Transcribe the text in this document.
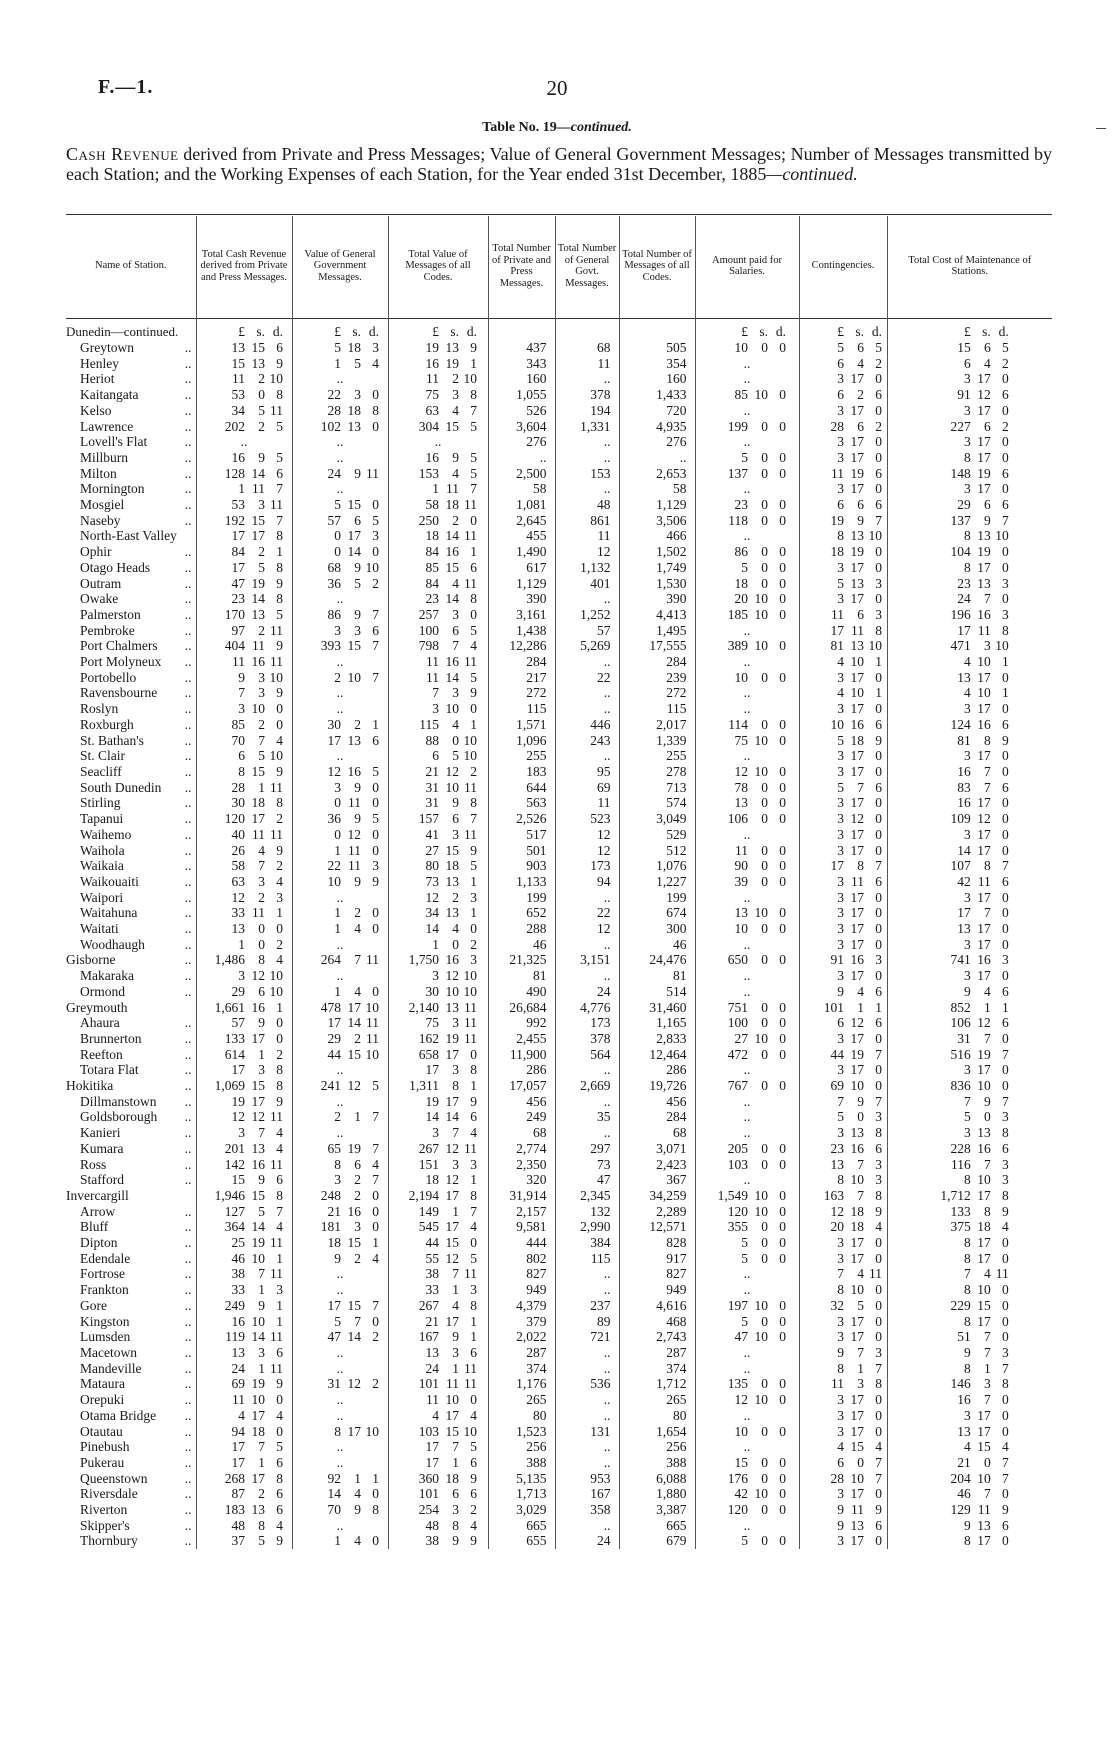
F.—1.	20
Table No. 19—continued.
Cash Revenue derived from Private and Press Messages; Value of General Government Messages; Number of Messages transmitted by each Station; and the Working Expenses of each Station, for the Year ended 31st December, 1885—continued.
Name of Station.	Total Cash Revenue derived from Private and Press Messages.	Value of General Government Messages.	Total Value of Messages of all Codes.	Total Number of Private and Press Messages.	Total Number of General Govt. Messages.	Total Number of Messages of all Codes.	Amount paid for Salaries.	Contingencies.	Total Cost of Maintenance of Stations.

Dunedin—continued.	£ s. d.	£ s. d.	£ s. d.				£ s. d.	£ s. d.	£ s. d.
Greytown ..	13 15 6	5 18 3	19 13 9	437	68	505	10 0 0	5 6 5	15 6 5
Henley ..	15 13 9	1 5 4	16 19 1	343	11	354	..	6 4 2	6 4 2
Heriot ..	11 2 10	..	11 2 10	160	..	160	..	3 17 0	3 17 0
Kaitangata ..	53 0 8	22 3 0	75 3 8	1,055	378	1,433	85 10 0	6 2 6	91 12 6
Kelso ..	34 5 11	28 18 8	63 4 7	526	194	720	..	3 17 0	3 17 0
Lawrence ..	202 2 5	102 13 0	304 15 5	3,604	1,331	4,935	199 0 0	28 6 2	227 6 2
Lovell's Flat ..	..	..	..	276	..	276	..	3 17 0	3 17 0
Millburn ..	16 9 5	..	16 9 5	..	..	..	5 0 0	3 17 0	8 17 0
Milton ..	128 14 6	24 9 11	153 4 5	2,500	153	2,653	137 0 0	11 19 6	148 19 6
Mornington ..	1 11 7	..	1 11 7	58	..	58	..	3 17 0	3 17 0
Mosgiel ..	53 3 11	5 15 0	58 18 11	1,081	48	1,129	23 0 0	6 6 6	29 6 6
Naseby ..	192 15 7	57 6 5	250 2 0	2,645	861	3,506	118 0 0	19 9 7	137 9 7
North-East Valley	17 17 8	0 17 3	18 14 11	455	11	466	..	8 13 10	8 13 10
Ophir ..	84 2 1	0 14 0	84 16 1	1,490	12	1,502	86 0 0	18 19 0	104 19 0
Otago Heads ..	17 5 8	68 9 10	85 15 6	617	1,132	1,749	5 0 0	3 17 0	8 17 0
Outram ..	47 19 9	36 5 2	84 4 11	1,129	401	1,530	18 0 0	5 13 3	23 13 3
Owake ..	23 14 8	..	23 14 8	390	..	390	20 10 0	3 17 0	24 7 0
Palmerston ..	170 13 5	86 9 7	257 3 0	3,161	1,252	4,413	185 10 0	11 6 3	196 16 3
Pembroke ..	97 2 11	3 3 6	100 6 5	1,438	57	1,495	..	17 11 8	17 11 8
Port Chalmers ..	404 11 9	393 15 7	798 7 4	12,286	5,269	17,555	389 10 0	81 13 10	471 3 10
Port Molyneux ..	11 16 11	..	11 16 11	284	..	284	..	4 10 1	4 10 1
Portobello ..	9 3 10	2 10 7	11 14 5	217	22	239	10 0 0	3 17 0	13 17 0
Ravensbourne ..	7 3 9	..	7 3 9	272	..	272	..	4 10 1	4 10 1
Roslyn ..	3 10 0	..	3 10 0	115	..	115	..	3 17 0	3 17 0
Roxburgh ..	85 2 0	30 2 1	115 4 1	1,571	446	2,017	114 0 0	10 16 6	124 16 6
St. Bathan's ..	70 7 4	17 13 6	88 0 10	1,096	243	1,339	75 10 0	5 18 9	81 8 9
St. Clair ..	6 5 10	..	6 5 10	255	..	255	..	3 17 0	3 17 0
Seacliff ..	8 15 9	12 16 5	21 12 2	183	95	278	12 10 0	3 17 0	16 7 0
South Dunedin ..	28 1 11	3 9 0	31 10 11	644	69	713	78 0 0	5 7 6	83 7 6
Stirling ..	30 18 8	0 11 0	31 9 8	563	11	574	13 0 0	3 17 0	16 17 0
Tapanui ..	120 17 2	36 9 5	157 6 7	2,526	523	3,049	106 0 0	3 12 0	109 12 0
Waihemo ..	40 11 11	0 12 0	41 3 11	517	12	529	..	3 17 0	3 17 0
Waihola ..	26 4 9	1 11 0	27 15 9	501	12	512	11 0 0	3 17 0	14 17 0
Waikaia ..	58 7 2	22 11 3	80 18 5	903	173	1,076	90 0 0	17 8 7	107 8 7
Waikouaiti ..	63 3 4	10 9 9	73 13 1	1,133	94	1,227	39 0 0	3 11 6	42 11 6
Waipori ..	12 2 3	..	12 2 3	199	..	199	..	3 17 0	3 17 0
Waitahuna ..	33 11 1	1 2 0	34 13 1	652	22	674	13 10 0	3 17 0	17 7 0
Waitati ..	13 0 0	1 4 0	14 4 0	288	12	300	10 0 0	3 17 0	13 17 0
Woodhaugh ..	1 0 2	..	1 0 2	46	..	46	..	3 17 0	3 17 0
Gisborne ..	1,486 8 4	264 7 11	1,750 16 3	21,325	3,151	24,476	650 0 0	91 16 3	741 16 3
Makaraka ..	3 12 10	..	3 12 10	81	..	81	..	3 17 0	3 17 0
Ormond ..	29 6 10	1 4 0	30 10 10	490	24	514	..	9 4 6	9 4 6
Greymouth	1,661 16 1	478 17 10	2,140 13 11	26,684	4,776	31,460	751 0 0	101 1 1	852 1 1
Ahaura ..	57 9 0	17 14 11	75 3 11	992	173	1,165	100 0 0	6 12 6	106 12 6
Brunnerton ..	133 17 0	29 2 11	162 19 11	2,455	378	2,833	27 10 0	3 17 0	31 7 0
Reefton ..	614 1 2	44 15 10	658 17 0	11,900	564	12,464	472 0 0	44 19 7	516 19 7
Totara Flat ..	17 3 8	..	17 3 8	286	..	286	..	3 17 0	3 17 0
Hokitika ..	1,069 15 8	241 12 5	1,311 8 1	17,057	2,669	19,726	767 0 0	69 10 0	836 10 0
Dillmanstown ..	19 17 9	..	19 17 9	456	..	456	..	7 9 7	7 9 7
Goldsborough ..	12 12 11	2 1 7	14 14 6	249	35	284	..	5 0 3	5 0 3
Kanieri ..	3 7 4	..	3 7 4	68	..	68	..	3 13 8	3 13 8
Kumara ..	201 13 4	65 19 7	267 12 11	2,774	297	3,071	205 0 0	23 16 6	228 16 6
Ross ..	142 16 11	8 6 4	151 3 3	2,350	73	2,423	103 0 0	13 7 3	116 7 3
Stafford ..	15 9 6	3 2 7	18 12 1	320	47	367	..	8 10 3	8 10 3
Invercargill	1,946 15 8	248 2 0	2,194 17 8	31,914	2,345	34,259	1,549 10 0	163 7 8	1,712 17 8
Arrow ..	127 5 7	21 16 0	149 1 7	2,157	132	2,289	120 10 0	12 18 9	133 8 9
Bluff ..	364 14 4	181 3 0	545 17 4	9,581	2,990	12,571	355 0 0	20 18 4	375 18 4
Dipton ..	25 19 11	18 15 1	44 15 0	444	384	828	5 0 0	3 17 0	8 17 0
Edendale ..	46 10 1	9 2 4	55 12 5	802	115	917	5 0 0	3 17 0	8 17 0
Fortrose ..	38 7 11	..	38 7 11	827	..	827	..	7 4 11	7 4 11
Frankton ..	33 1 3	..	33 1 3	949	..	949	..	8 10 0	8 10 0
Gore ..	249 9 1	17 15 7	267 4 8	4,379	237	4,616	197 10 0	32 5 0	229 15 0
Kingston ..	16 10 1	5 7 0	21 17 1	379	89	468	5 0 0	3 17 0	8 17 0
Lumsden ..	119 14 11	47 14 2	167 9 1	2,022	721	2,743	47 10 0	3 17 0	51 7 0
Macetown ..	13 3 6	..	13 3 6	287	..	287	..	9 7 3	9 7 3
Mandeville ..	24 1 11	..	24 1 11	374	..	374	..	8 1 7	8 1 7
Mataura ..	69 19 9	31 12 2	101 11 11	1,176	536	1,712	135 0 0	11 3 8	146 3 8
Orepuki ..	11 10 0	..	11 10 0	265	..	265	12 10 0	3 17 0	16 7 0
Otama Bridge ..	4 17 4	..	4 17 4	80	..	80	..	3 17 0	3 17 0
Otautau ..	94 18 0	8 17 10	103 15 10	1,523	131	1,654	10 0 0	3 17 0	13 17 0
Pinebush ..	17 7 5	..	17 7 5	256	..	256	..	4 15 4	4 15 4
Pukerau ..	17 1 6	..	17 1 6	388	..	388	15 0 0	6 0 7	21 0 7
Queenstown ..	268 17 8	92 1 1	360 18 9	5,135	953	6,088	176 0 0	28 10 7	204 10 7
Riversdale ..	87 2 6	14 4 0	101 6 6	1,713	167	1,880	42 10 0	3 17 0	46 7 0
Riverton ..	183 13 6	70 9 8	254 3 2	3,029	358	3,387	120 0 0	9 11 9	129 11 9
Skipper's ..	48 8 4	..	48 8 4	665	..	665	..	9 13 6	9 13 6
Thornbury ..	37 5 9	1 4 0	38 9 9	655	24	679	5 0 0	3 17 0	8 17 0
